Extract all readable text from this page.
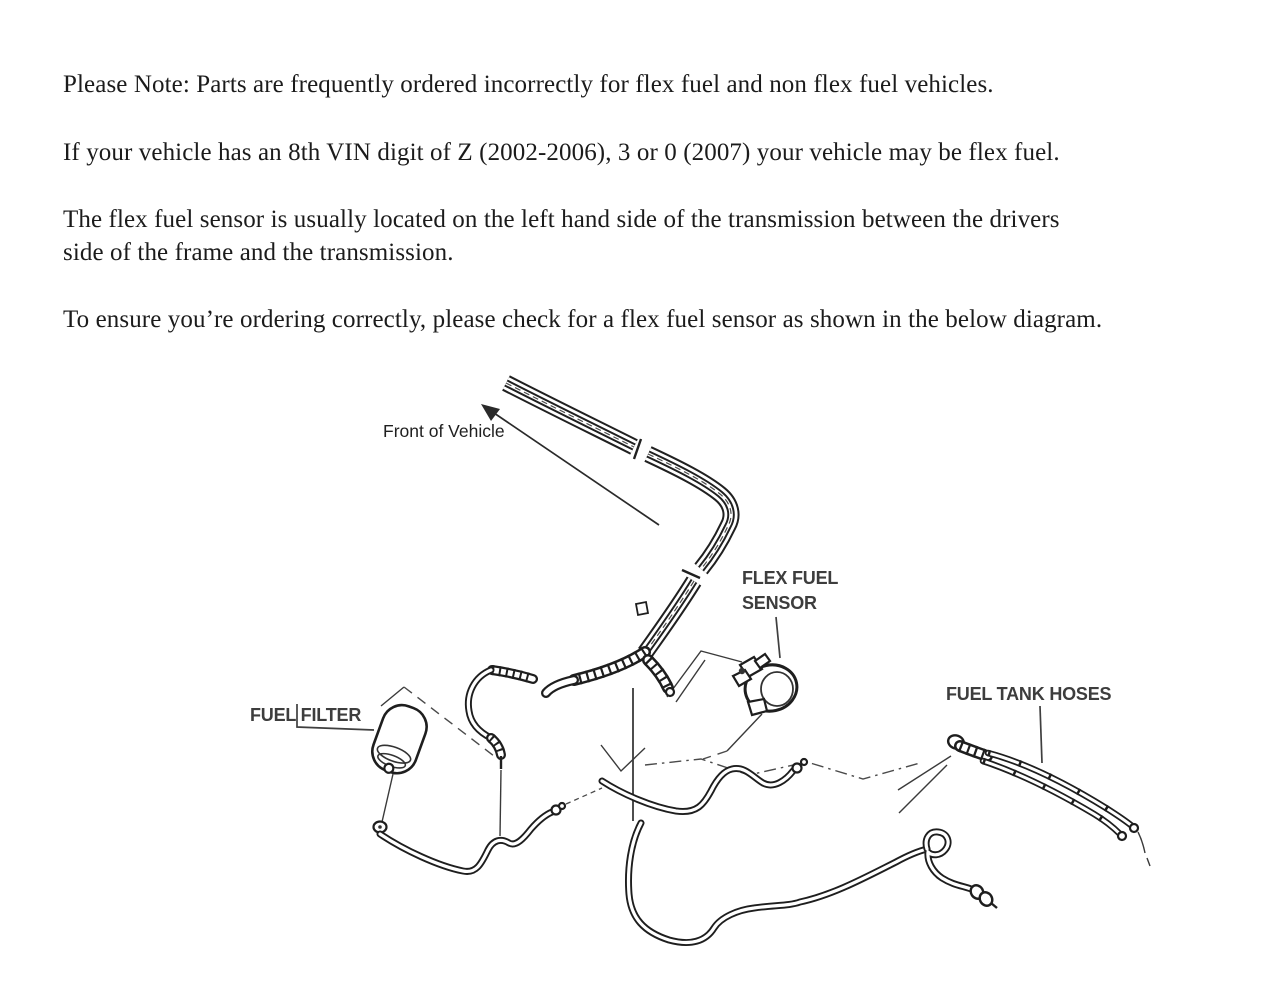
Please Note: Parts are frequently ordered incorrectly for flex fuel and non flex fuel vehicles.
If your vehicle has an 8th VIN digit of Z (2002-2006), 3 or 0 (2007) your vehicle may be flex fuel.
The flex fuel sensor is usually located on the left hand side of the transmission between the drivers
side of the frame and the transmission.
To ensure you’re ordering correctly, please check for a flex fuel sensor as shown in the below diagram.
Front of Vehicle
FUEL FILTER
FLEX FUEL
SENSOR
FUEL TANK HOSES
